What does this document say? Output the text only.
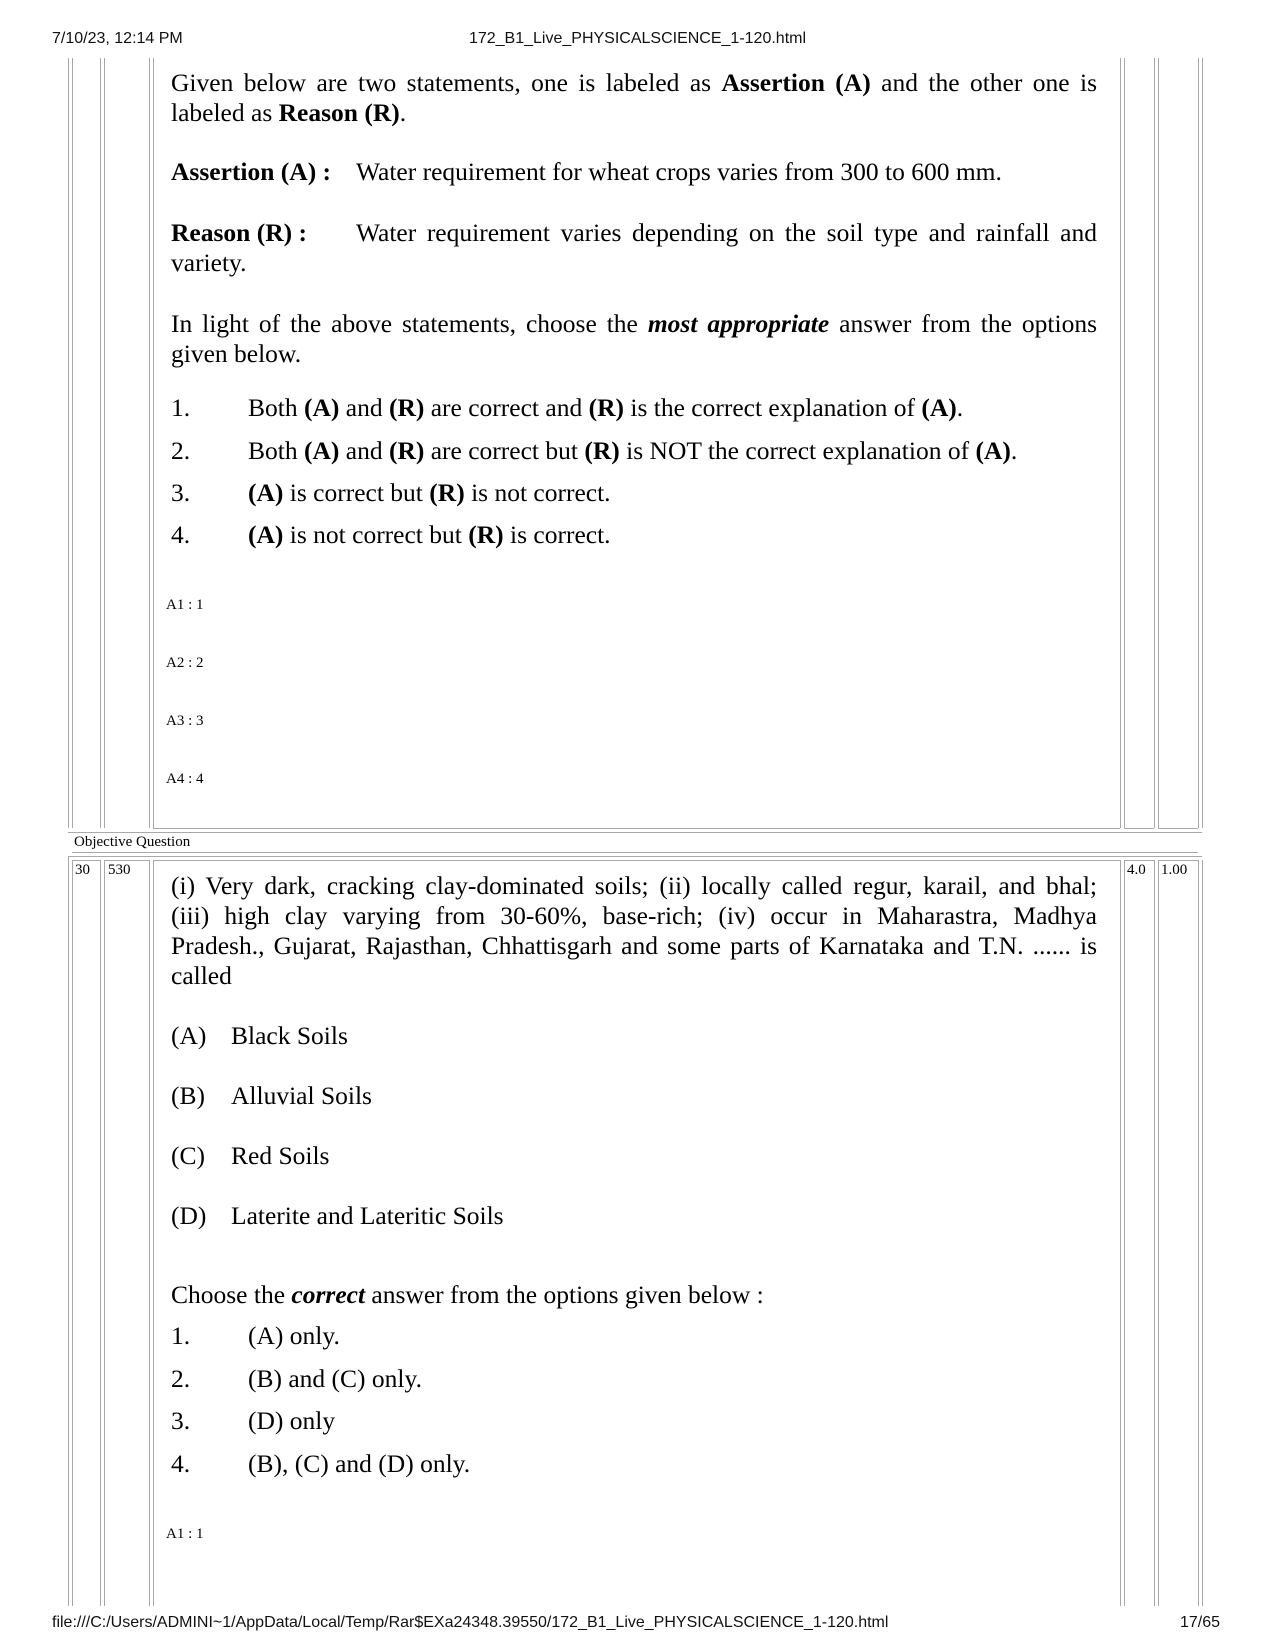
7/10/23, 12:14 PM	172_B1_Live_PHYSICALSCIENCE_1-120.html
Given below are two statements, one is labeled as Assertion (A) and the other one is labeled as Reason (R).
Assertion (A) : Water requirement for wheat crops varies from 300 to 600 mm.
Reason (R) : Water requirement varies depending on the soil type and rainfall and
variety.
In light of the above statements, choose the most appropriate answer from the options given below.
1. Both (A) and (R) are correct and (R) is the correct explanation of (A).
2. Both (A) and (R) are correct but (R) is NOT the correct explanation of (A).
3. (A) is correct but (R) is not correct.
4. (A) is not correct but (R) is correct.
A1 : 1
A2 : 2
A3 : 3
A4 : 4
Objective Question
30 530	4.0 1.00
(i) Very dark, cracking clay-dominated soils; (ii) locally called regur, karail, and bhal;
(iii) high clay varying from 30-60%, base-rich; (iv) occur in Maharastra, Madhya
Pradesh., Gujarat, Rajasthan, Chhattisgarh and some parts of Karnataka and T.N. ...... is
called
(A) Black Soils
(B) Alluvial Soils
(C) Red Soils
(D) Laterite and Lateritic Soils
Choose the correct answer from the options given below :
1. (A) only.
2. (B) and (C) only.
3. (D) only
4. (B), (C) and (D) only.
A1 : 1
file:///C:/Users/ADMINI~1/AppData/Local/Temp/Rar$EXa24348.39550/172_B1_Live_PHYSICALSCIENCE_1-120.html	17/65
